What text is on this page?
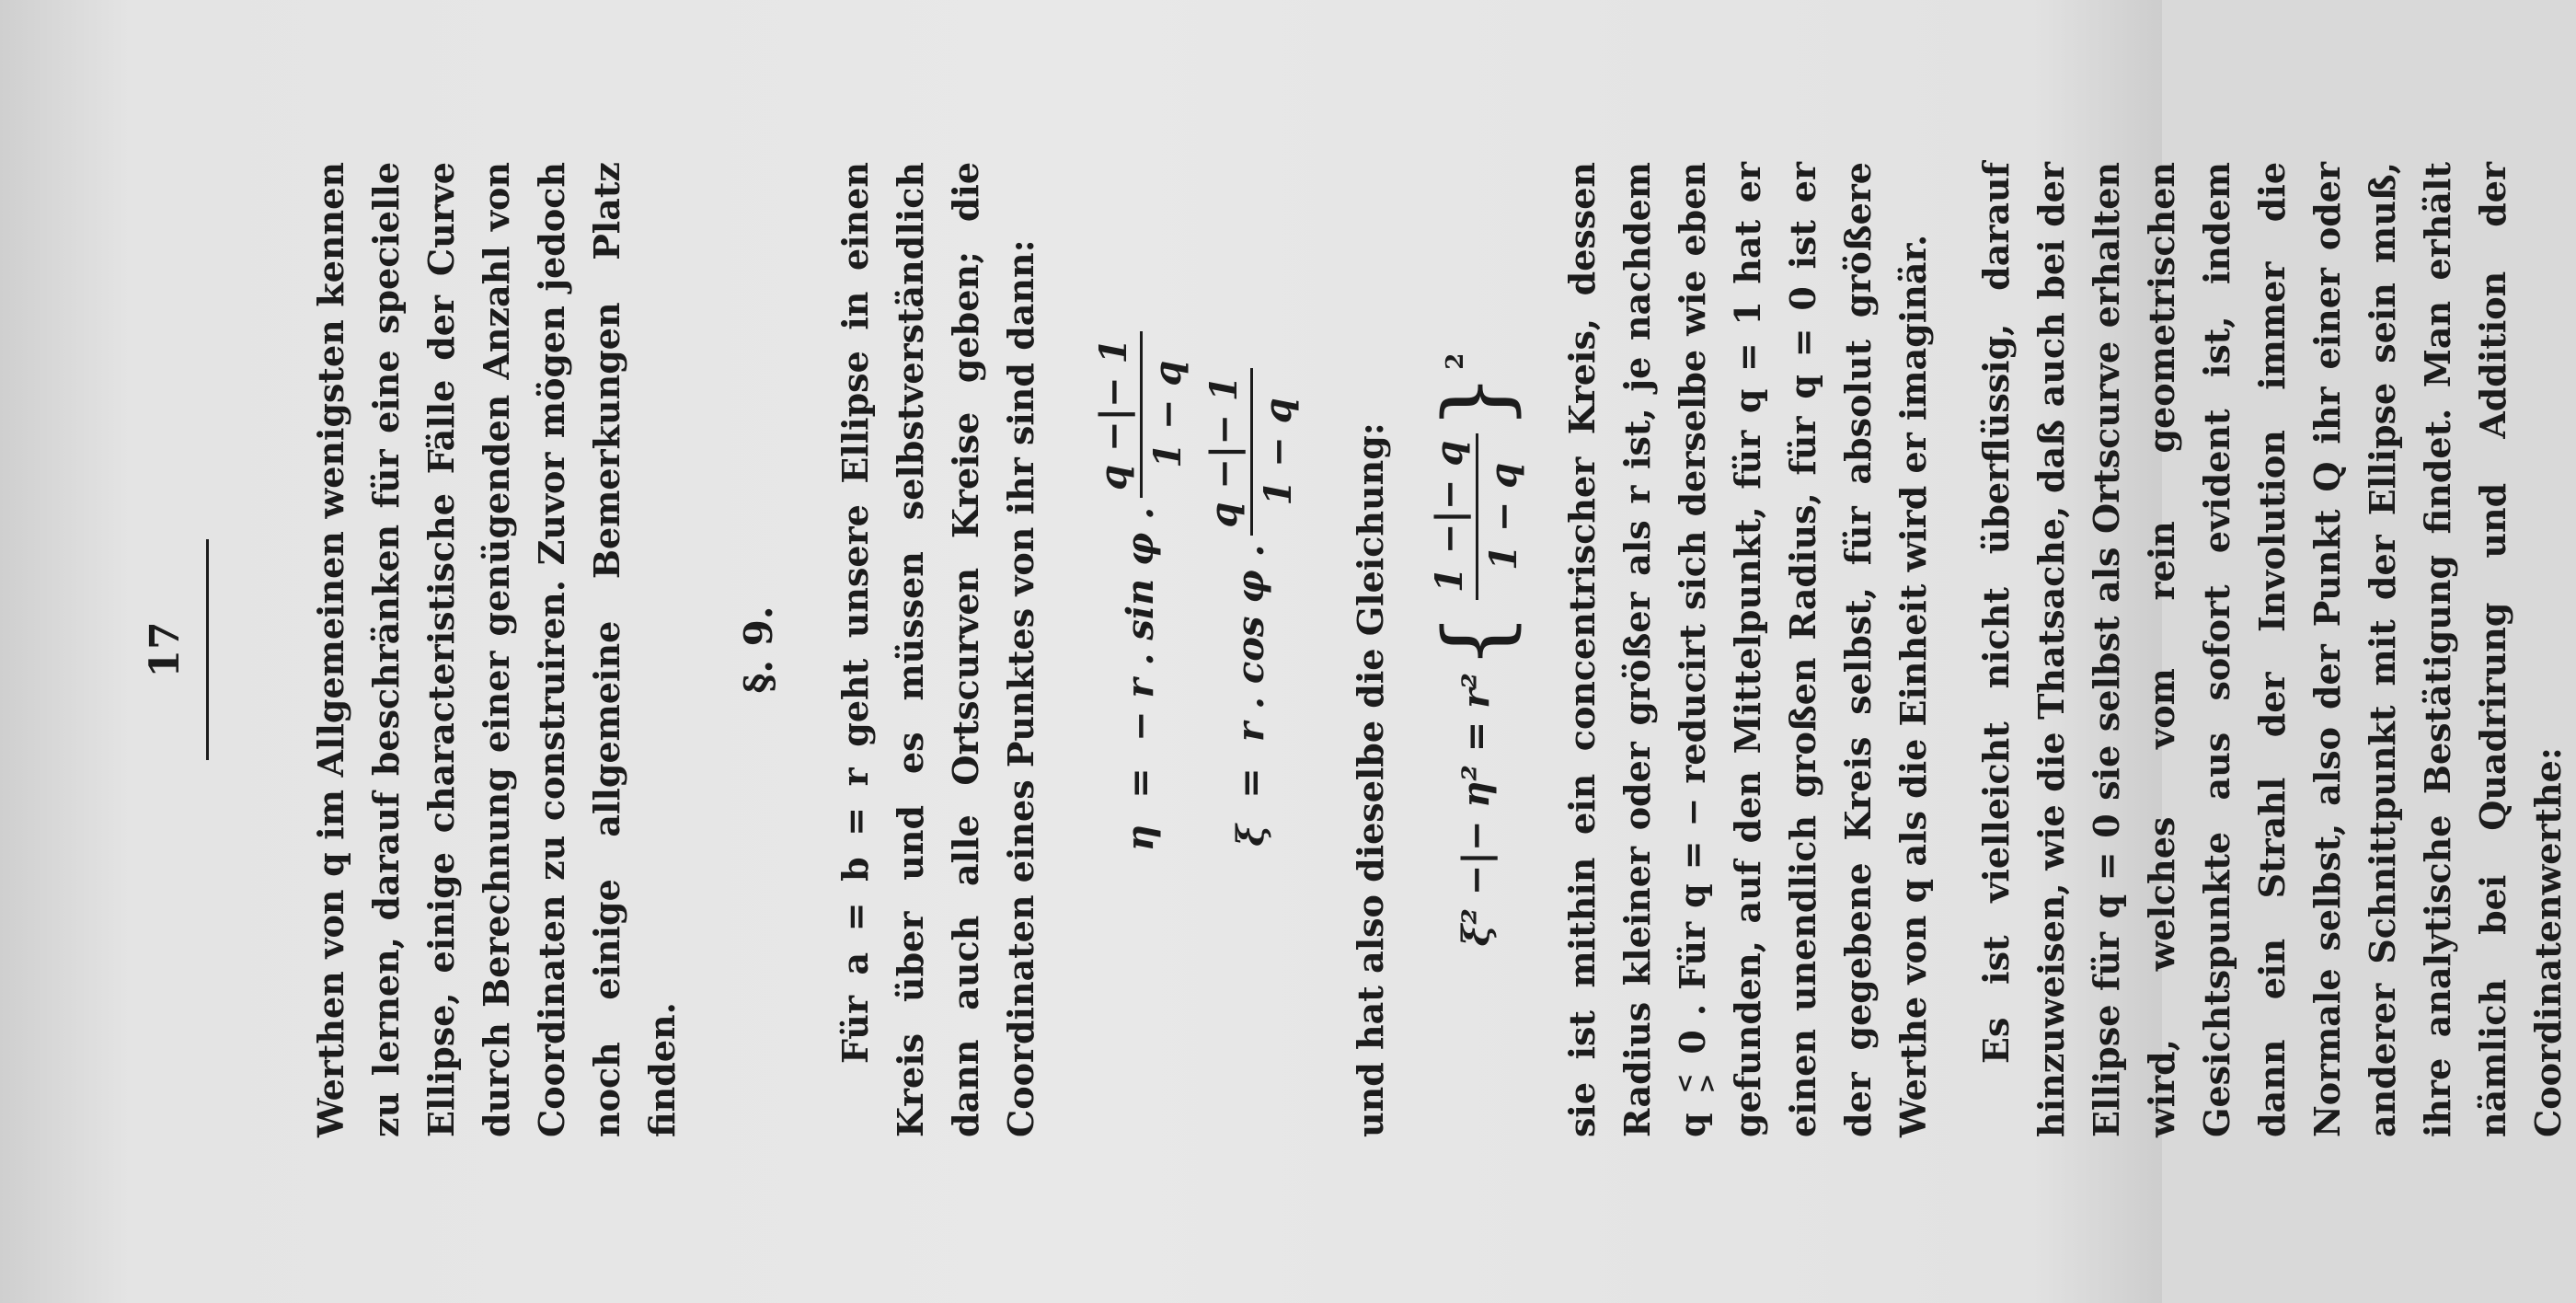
17	Werthen von q im Allgemeinen wenigsten kennen zu lernen, darauf beschränken für eine specielle Ellipse, einige characteristische Fälle der Curve durch Berechnung einer genügenden Anzahl von Coordinaten zu construiren. Zuvor mögen jedoch noch einige allgemeine Bemerkungen Platz finden.

§. 9. Für a = b = r geht unsere Ellipse in einen Kreis über und es müssen selbstverständlich dann auch alle Ortscurven Kreise geben; die Coordinaten eines Punktes von ihr sind dann: η
=
− r . sin φ .
q −|− 1 1 − q
ξ
=
r . cos φ .
q −|− 1 1 − q und hat also dieselbe die Gleichung: ξ² −|− η² = r²
{
1 −|− q 1 − q
}
2	sie ist mithin ein concentrischer Kreis, dessen Radius kleiner oder größer als r ist, je nachdem q
<
>
0 . Für q = − reducirt sich derselbe wie eben gefunden, auf den Mittelpunkt, für q = 1 hat er einen unendlich großen Radius, für q = 0 ist er der gegebene Kreis selbst, für absolut größere Werthe von q als die Einheit wird er imaginär. Es ist vielleicht nicht überflüssig, darauf hinzuweisen, wie die Thatsache, daß auch bei der Ellipse für q = 0 sie selbst als Ortscurve erhalten wird, welches vom rein geometrischen Gesichtspunkte aus sofort evident ist, indem dann ein Strahl der Involution immer die Normale selbst, also der Punkt Q ihr einer oder anderer Schnittpunkt mit der Ellipse sein muß, ihre analytische Bestätigung findet. Man erhält nämlich bei Quadrirung und Addition der Coordinatenwerthe:
